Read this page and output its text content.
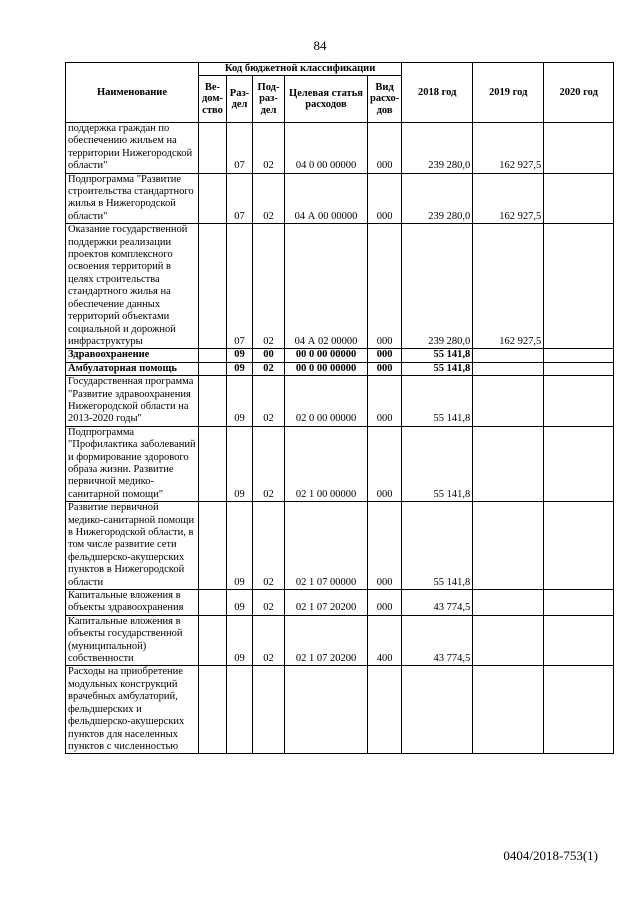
84
Наименование	Код бюджетной классификации					2018 год	2019 год	2020 год
	Ве-дом-ство	Раз-дел	Под-раз-дел	Целевая статья расходов	Вид расхо-дов			
поддержка граждан по обеспечению жильем на территории Нижегородской области"		07	02	04 0 00 00000	000	239 280,0	162 927,5	
Подпрограмма "Развитие строительства стандартного жилья в Нижегородской области"		07	02	04 А 00 00000	000	239 280,0	162 927,5	
Оказание государственной поддержки реализации проектов комплексного освоения территорий в целях строительства стандартного жилья на обеспечение данных территорий объектами социальной и дорожной инфраструктуры		07	02	04 А 02 00000	000	239 280,0	162 927,5	
Здравоохранение		09	00	00 0 00 00000	000	55 141,8		
Амбулаторная помощь		09	02	00 0 00 00000	000	55 141,8		
Государственная программа "Развитие здравоохранения Нижегородской области на 2013-2020 годы"		09	02	02 0 00 00000	000	55 141,8		
Подпрограмма "Профилактика заболеваний и формирование здорового образа жизни. Развитие первичной медико-санитарной помощи"		09	02	02 1 00 00000	000	55 141,8		
Развитие первичной медико-санитарной помощи в Нижегородской области, в том числе развитие сети фельдшерско-акушерских пунктов в Нижегородской области		09	02	02 1 07 00000	000	55 141,8		
Капитальные вложения в объекты здравоохранения		09	02	02 1 07 20200	000	43 774,5		
Капитальные вложения в объекты государственной (муниципальной) собственности		09	02	02 1 07 20200	400	43 774,5		
Расходы на приобретение модульных конструкций врачебных амбулаторий, фельдшерских и фельдшерско-акушерских пунктов для населенных пунктов с численностью								
0404/2018-753(1)
